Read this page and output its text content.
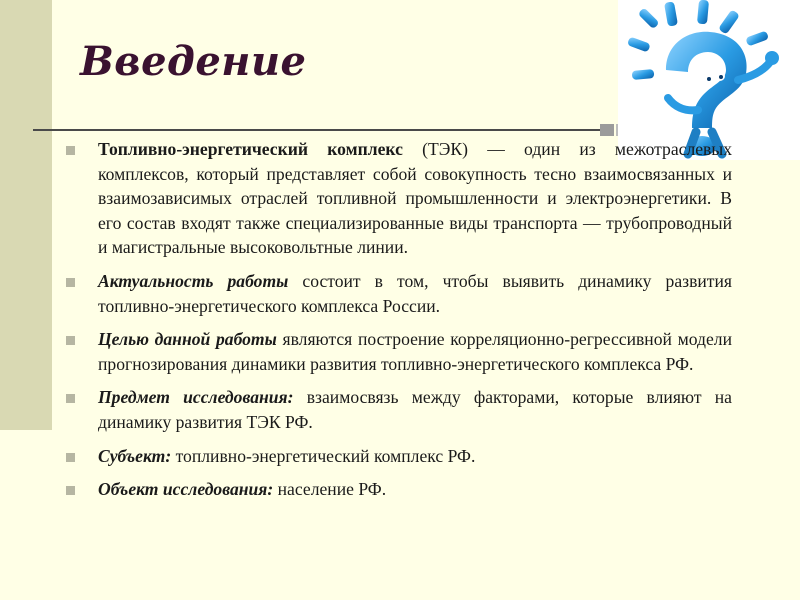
Введение
Топливно-энергетический комплекс (ТЭК) — один из межотраслевых комплексов, который представляет собой совокупность тесно взаимосвязанных и взаимозависимых отраслей топливной промышленности и электроэнергетики. В его состав входят также специализированные виды транспорта — трубопроводный и магистральные высоковольтные линии.
Актуальность работы состоит в том, чтобы выявить динамику развития топливно-энергетического комплекса России.
Целью данной работы являются построение корреляционно-регрессивной модели прогнозирования динамики развития топливно-энергетического комплекса РФ.
Предмет исследования: взаимосвязь между факторами, которые влияют на динамику развития ТЭК РФ.
Субъект: топливно-энергетический комплекс РФ.
Объект исследования: население РФ.
